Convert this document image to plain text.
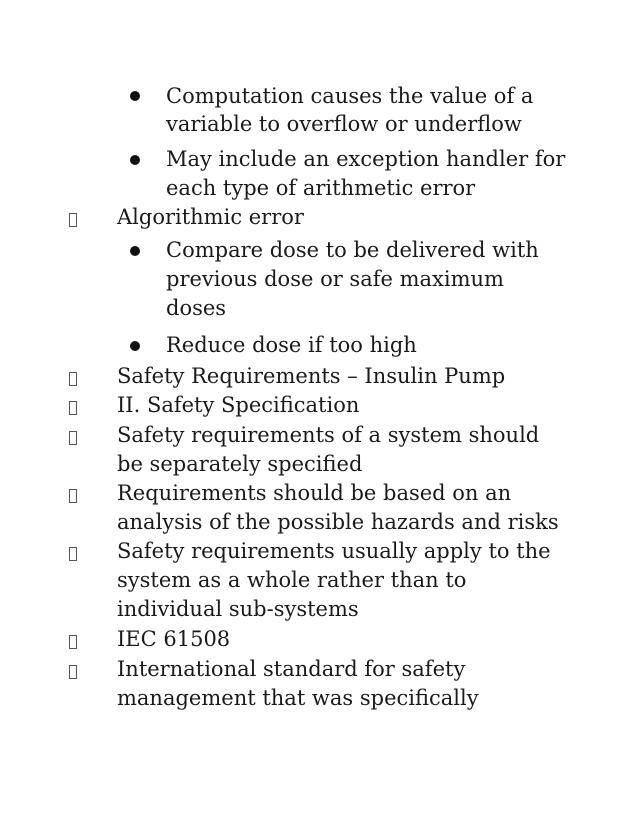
Computation causes the value of a
variable to overflow or underflow
May include an exception handler for
each type of arithmetic error
Algorithmic error
Compare dose to be delivered with
previous dose or safe maximum
doses
Reduce dose if too high
Safety Requirements – Insulin Pump
II. Safety Specification
Safety requirements of a system should
be separately specified
Requirements should be based on an
analysis of the possible hazards and risks
Safety requirements usually apply to the
system as a whole rather than to
individual sub-systems
IEC 61508
International standard for safety
management that was specifically
